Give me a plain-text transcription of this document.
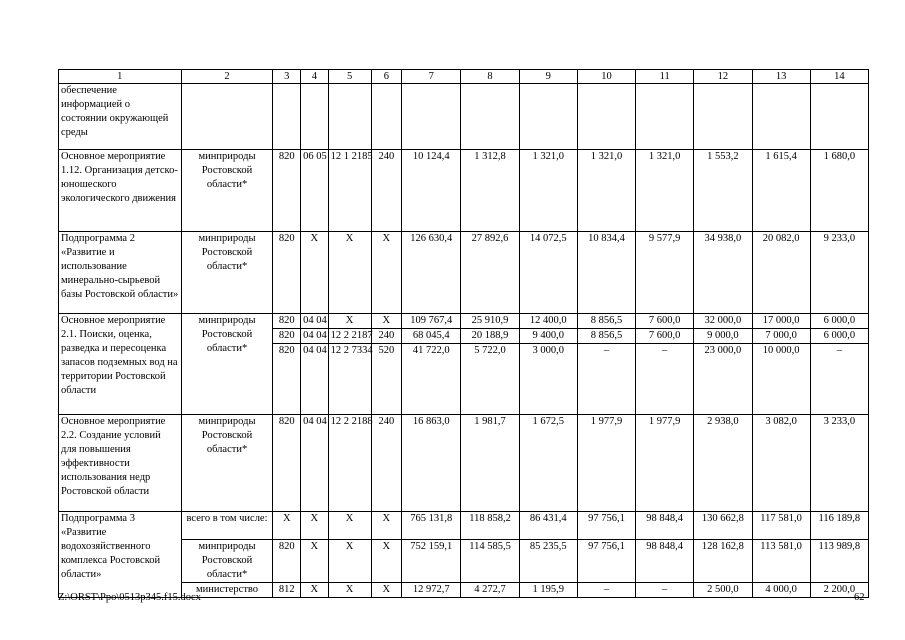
1	2	3	4	5	6	7	8	9	10	11	12	13	14
обеспечение информацией о состоянии окружающей среды													
Основное мероприятие 1.12. Организация детско-юношеского экологического движения	минприроды Ростовской области*	820	06 05	12 1 2185	240	10 124,4	1 312,8	1 321,0	1 321,0	1 321,0	1 553,2	1 615,4	1 680,0
Подпрограмма 2 «Развитие и использование минерально-сырьевой базы Ростовской области»	минприроды Ростовской области*	820	Х	Х	Х	126 630,4	27 892,6	14 072,5	10 834,4	9 577,9	34 938,0	20 082,0	9 233,0
Основное мероприятие 2.1. Поиски, оценка, разведка и пересоценка запасов подземных вод на территории Ростовской области	минприроды Ростовской области*	820	04 04	Х	Х	109 767,4	25 910,9	12 400,0	8 856,5	7 600,0	32 000,0	17 000,0	6 000,0
		820	04 04	12 2 2187	240	68 045,4	20 188,9	9 400,0	8 856,5	7 600,0	9 000,0	7 000,0	6 000,0
		820	04 04	12 2 7334	520	41 722,0	5 722,0	3 000,0	–	–	23 000,0	10 000,0	–
Основное мероприятие 2.2. Создание условий для повышения эффективности использования недр Ростовской области	минприроды Ростовской области*	820	04 04	12 2 2188	240	16 863,0	1 981,7	1 672,5	1 977,9	1 977,9	2 938,0	3 082,0	3 233,0
Подпрограмма 3 «Развитие водохозяйственного комплекса Ростовской области»	всего в том числе:	Х	Х	Х	Х	765 131,8	118 858,2	86 431,4	97 756,1	98 848,4	130 662,8	117 581,0	116 189,8
	минприроды Ростовской области*	820	Х	Х	Х	752 159,1	114 585,5	85 235,5	97 756,1	98 848,4	128 162,8	113 581,0	113 989,8
	министерство	812	Х	Х	Х	12 972,7	4 272,7	1 195,9	–	–	2 500,0	4 000,0	2 200,0
Z:\ORST\Ppo\0513p345.f15.docx	62
